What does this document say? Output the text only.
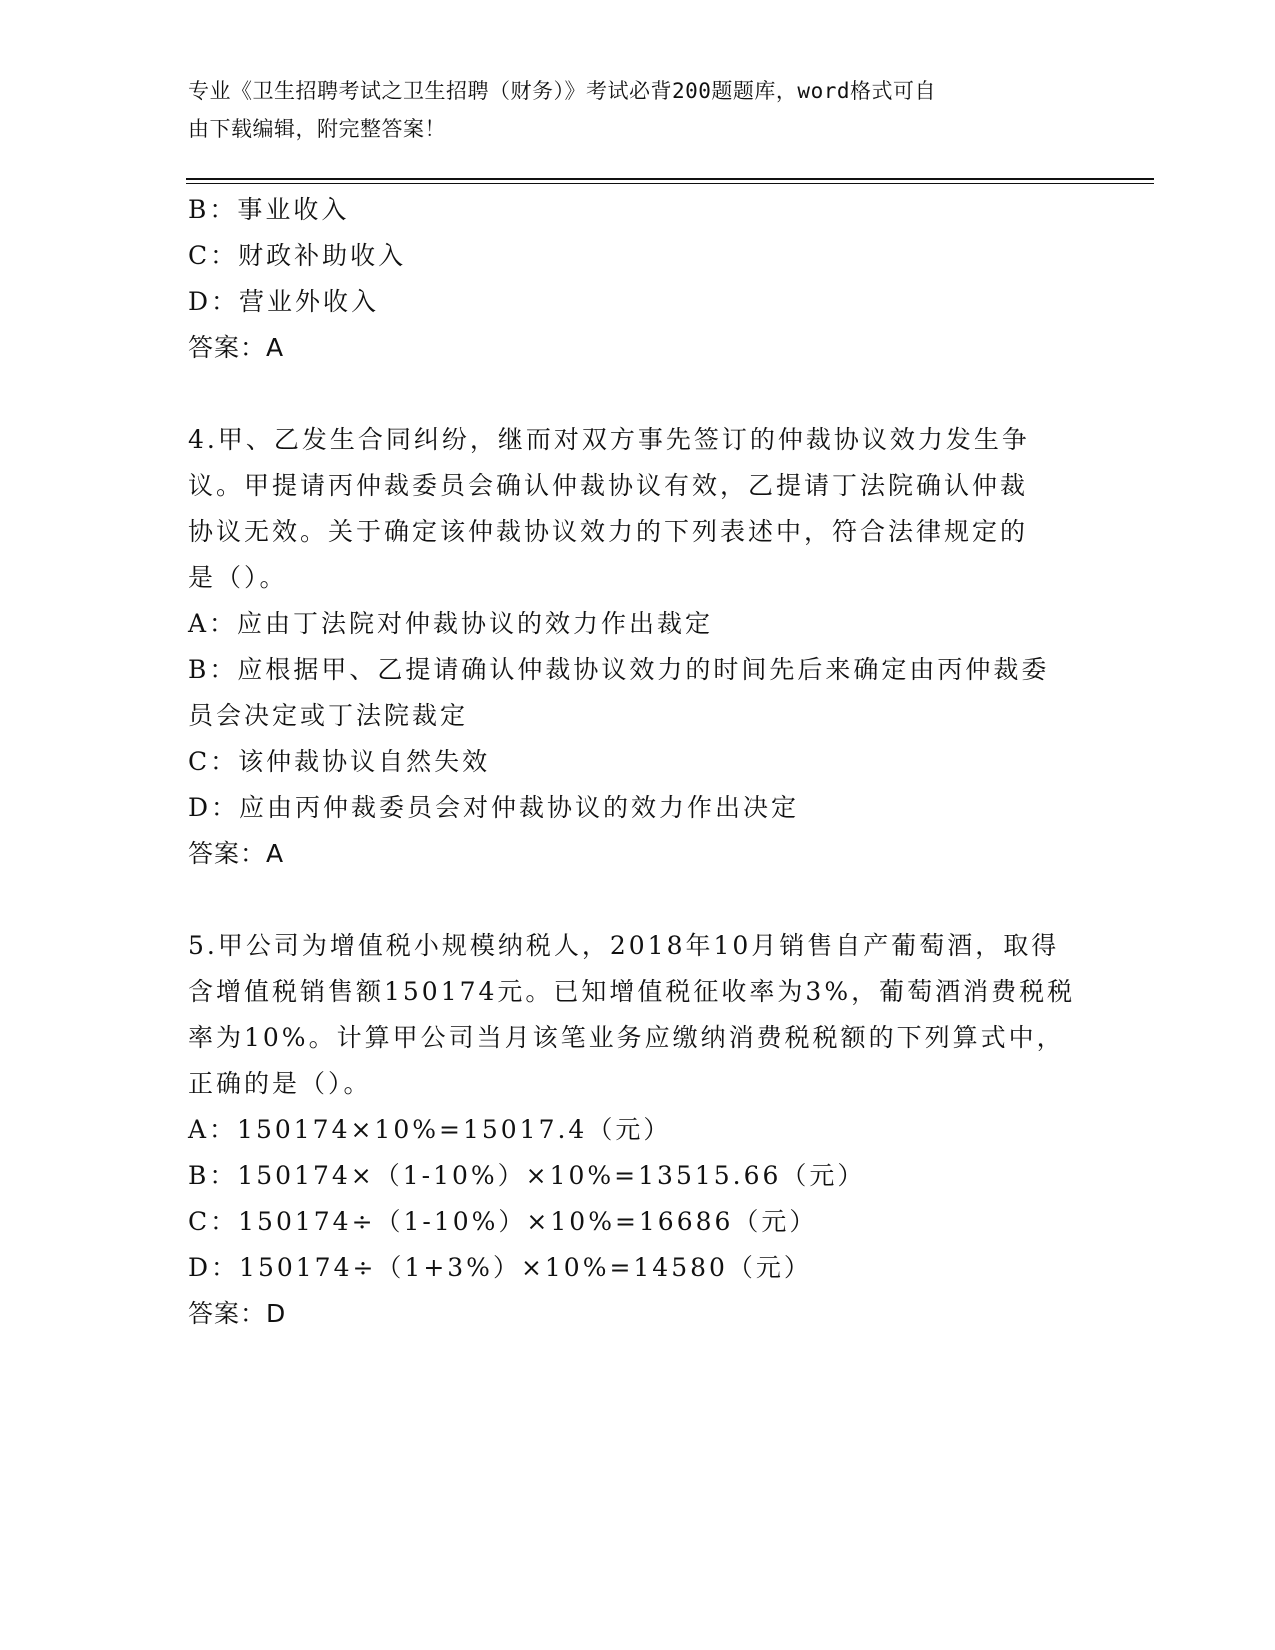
专业《卫生招聘考试之卫生招聘（财务）》考试必背200题题库，word格式可自
由下载编辑，附完整答案！
B：事业收入
C：财政补助收入
D：营业外收入
答案：A
4.甲、乙发生合同纠纷，继而对双方事先签订的仲裁协议效力发生争
议。甲提请丙仲裁委员会确认仲裁协议有效，乙提请丁法院确认仲裁
协议无效。关于确定该仲裁协议效力的下列表述中，符合法律规定的
是（）。
A：应由丁法院对仲裁协议的效力作出裁定
B：应根据甲、乙提请确认仲裁协议效力的时间先后来确定由丙仲裁委
员会决定或丁法院裁定
C：该仲裁协议自然失效
D：应由丙仲裁委员会对仲裁协议的效力作出决定
答案：A
5.甲公司为增值税小规模纳税人，2018年10月销售自产葡萄酒，取得
含增值税销售额150174元。已知增值税征收率为3%，葡萄酒消费税税
率为10%。计算甲公司当月该笔业务应缴纳消费税税额的下列算式中，
正确的是（）。
A：150174×10%=15017.4（元）
B：150174×（1-10%）×10%=13515.66（元）
C：150174÷（1-10%）×10%=16686（元）
D：150174÷（1+3%）×10%=14580（元）
答案：D
